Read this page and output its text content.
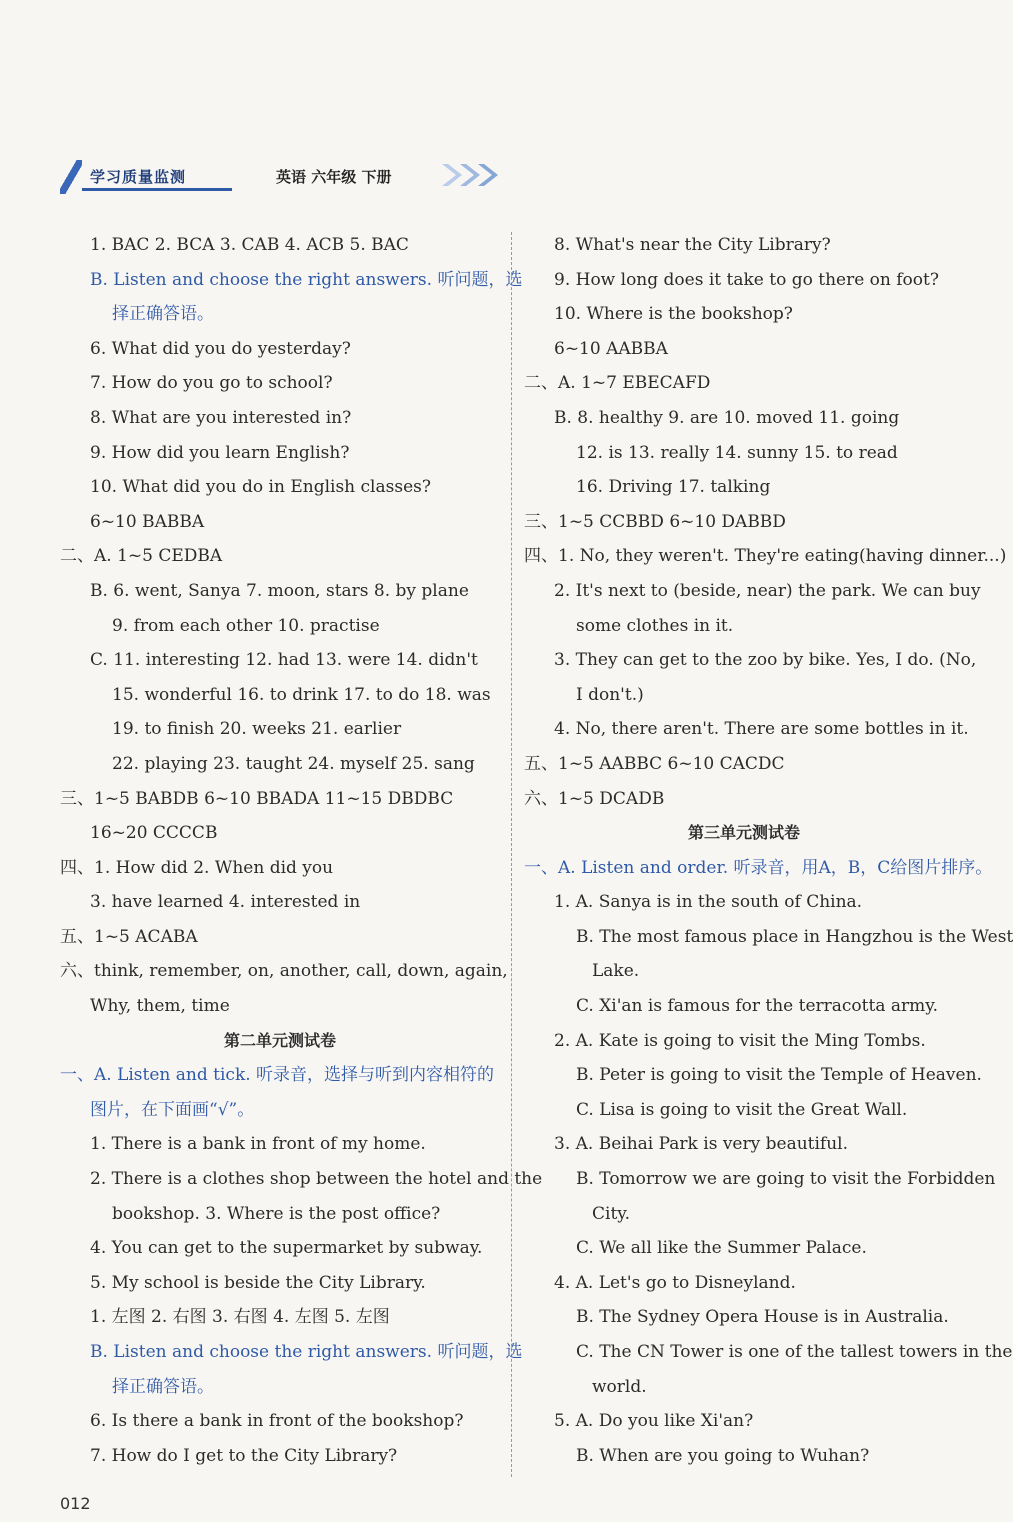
学习质量监测	英语 六年级 下册
1. BAC 2. BCA 3. CAB 4. ACB 5. BAC
B. Listen and choose the right answers. 听问题，选
择正确答语。
6. What did you do yesterday?
7. How do you go to school?
8. What are you interested in?
9. How did you learn English?
10. What did you do in English classes?
6~10 BABBA
二、A. 1~5 CEDBA
B. 6. went, Sanya 7. moon, stars 8. by plane
9. from each other 10. practise
C. 11. interesting 12. had 13. were 14. didn't
15. wonderful 16. to drink 17. to do 18. was
19. to finish 20. weeks 21. earlier
22. playing 23. taught 24. myself 25. sang
三、1~5 BABDB 6~10 BBADA 11~15 DBDBC
16~20 CCCCB
四、1. How did 2. When did you
3. have learned 4. interested in
五、1~5 ACABA
六、think, remember, on, another, call, down, again,
Why, them, time
第二单元测试卷
一、A. Listen and tick. 听录音，选择与听到内容相符的
图片，在下面画“√”。
1. There is a bank in front of my home.
2. There is a clothes shop between the hotel and the
bookshop. 3. Where is the post office?
4. You can get to the supermarket by subway.
5. My school is beside the City Library.
1. 左图 2. 右图 3. 右图 4. 左图 5. 左图
B. Listen and choose the right answers. 听问题，选
择正确答语。
6. Is there a bank in front of the bookshop?
7. How do I get to the City Library?
8. What's near the City Library?
9. How long does it take to go there on foot?
10. Where is the bookshop?
6~10 AABBA
二、A. 1~7 EBECAFD
B. 8. healthy 9. are 10. moved 11. going
12. is 13. really 14. sunny 15. to read
16. Driving 17. talking
三、1~5 CCBBD 6~10 DABBD
四、1. No, they weren't. They're eating(having dinner...)
2. It's next to (beside, near) the park. We can buy
some clothes in it.
3. They can get to the zoo by bike. Yes, I do. (No,
I don't.)
4. No, there aren't. There are some bottles in it.
五、1~5 AABBC 6~10 CACDC
六、1~5 DCADB
第三单元测试卷
一、A. Listen and order. 听录音，用A，B，C给图片排序。
1. A. Sanya is in the south of China.
B. The most famous place in Hangzhou is the West
Lake.
C. Xi'an is famous for the terracotta army.
2. A. Kate is going to visit the Ming Tombs.
B. Peter is going to visit the Temple of Heaven.
C. Lisa is going to visit the Great Wall.
3. A. Beihai Park is very beautiful.
B. Tomorrow we are going to visit the Forbidden
City.
C. We all like the Summer Palace.
4. A. Let's go to Disneyland.
B. The Sydney Opera House is in Australia.
C. The CN Tower is one of the tallest towers in the
world.
5. A. Do you like Xi'an?
B. When are you going to Wuhan?
012
